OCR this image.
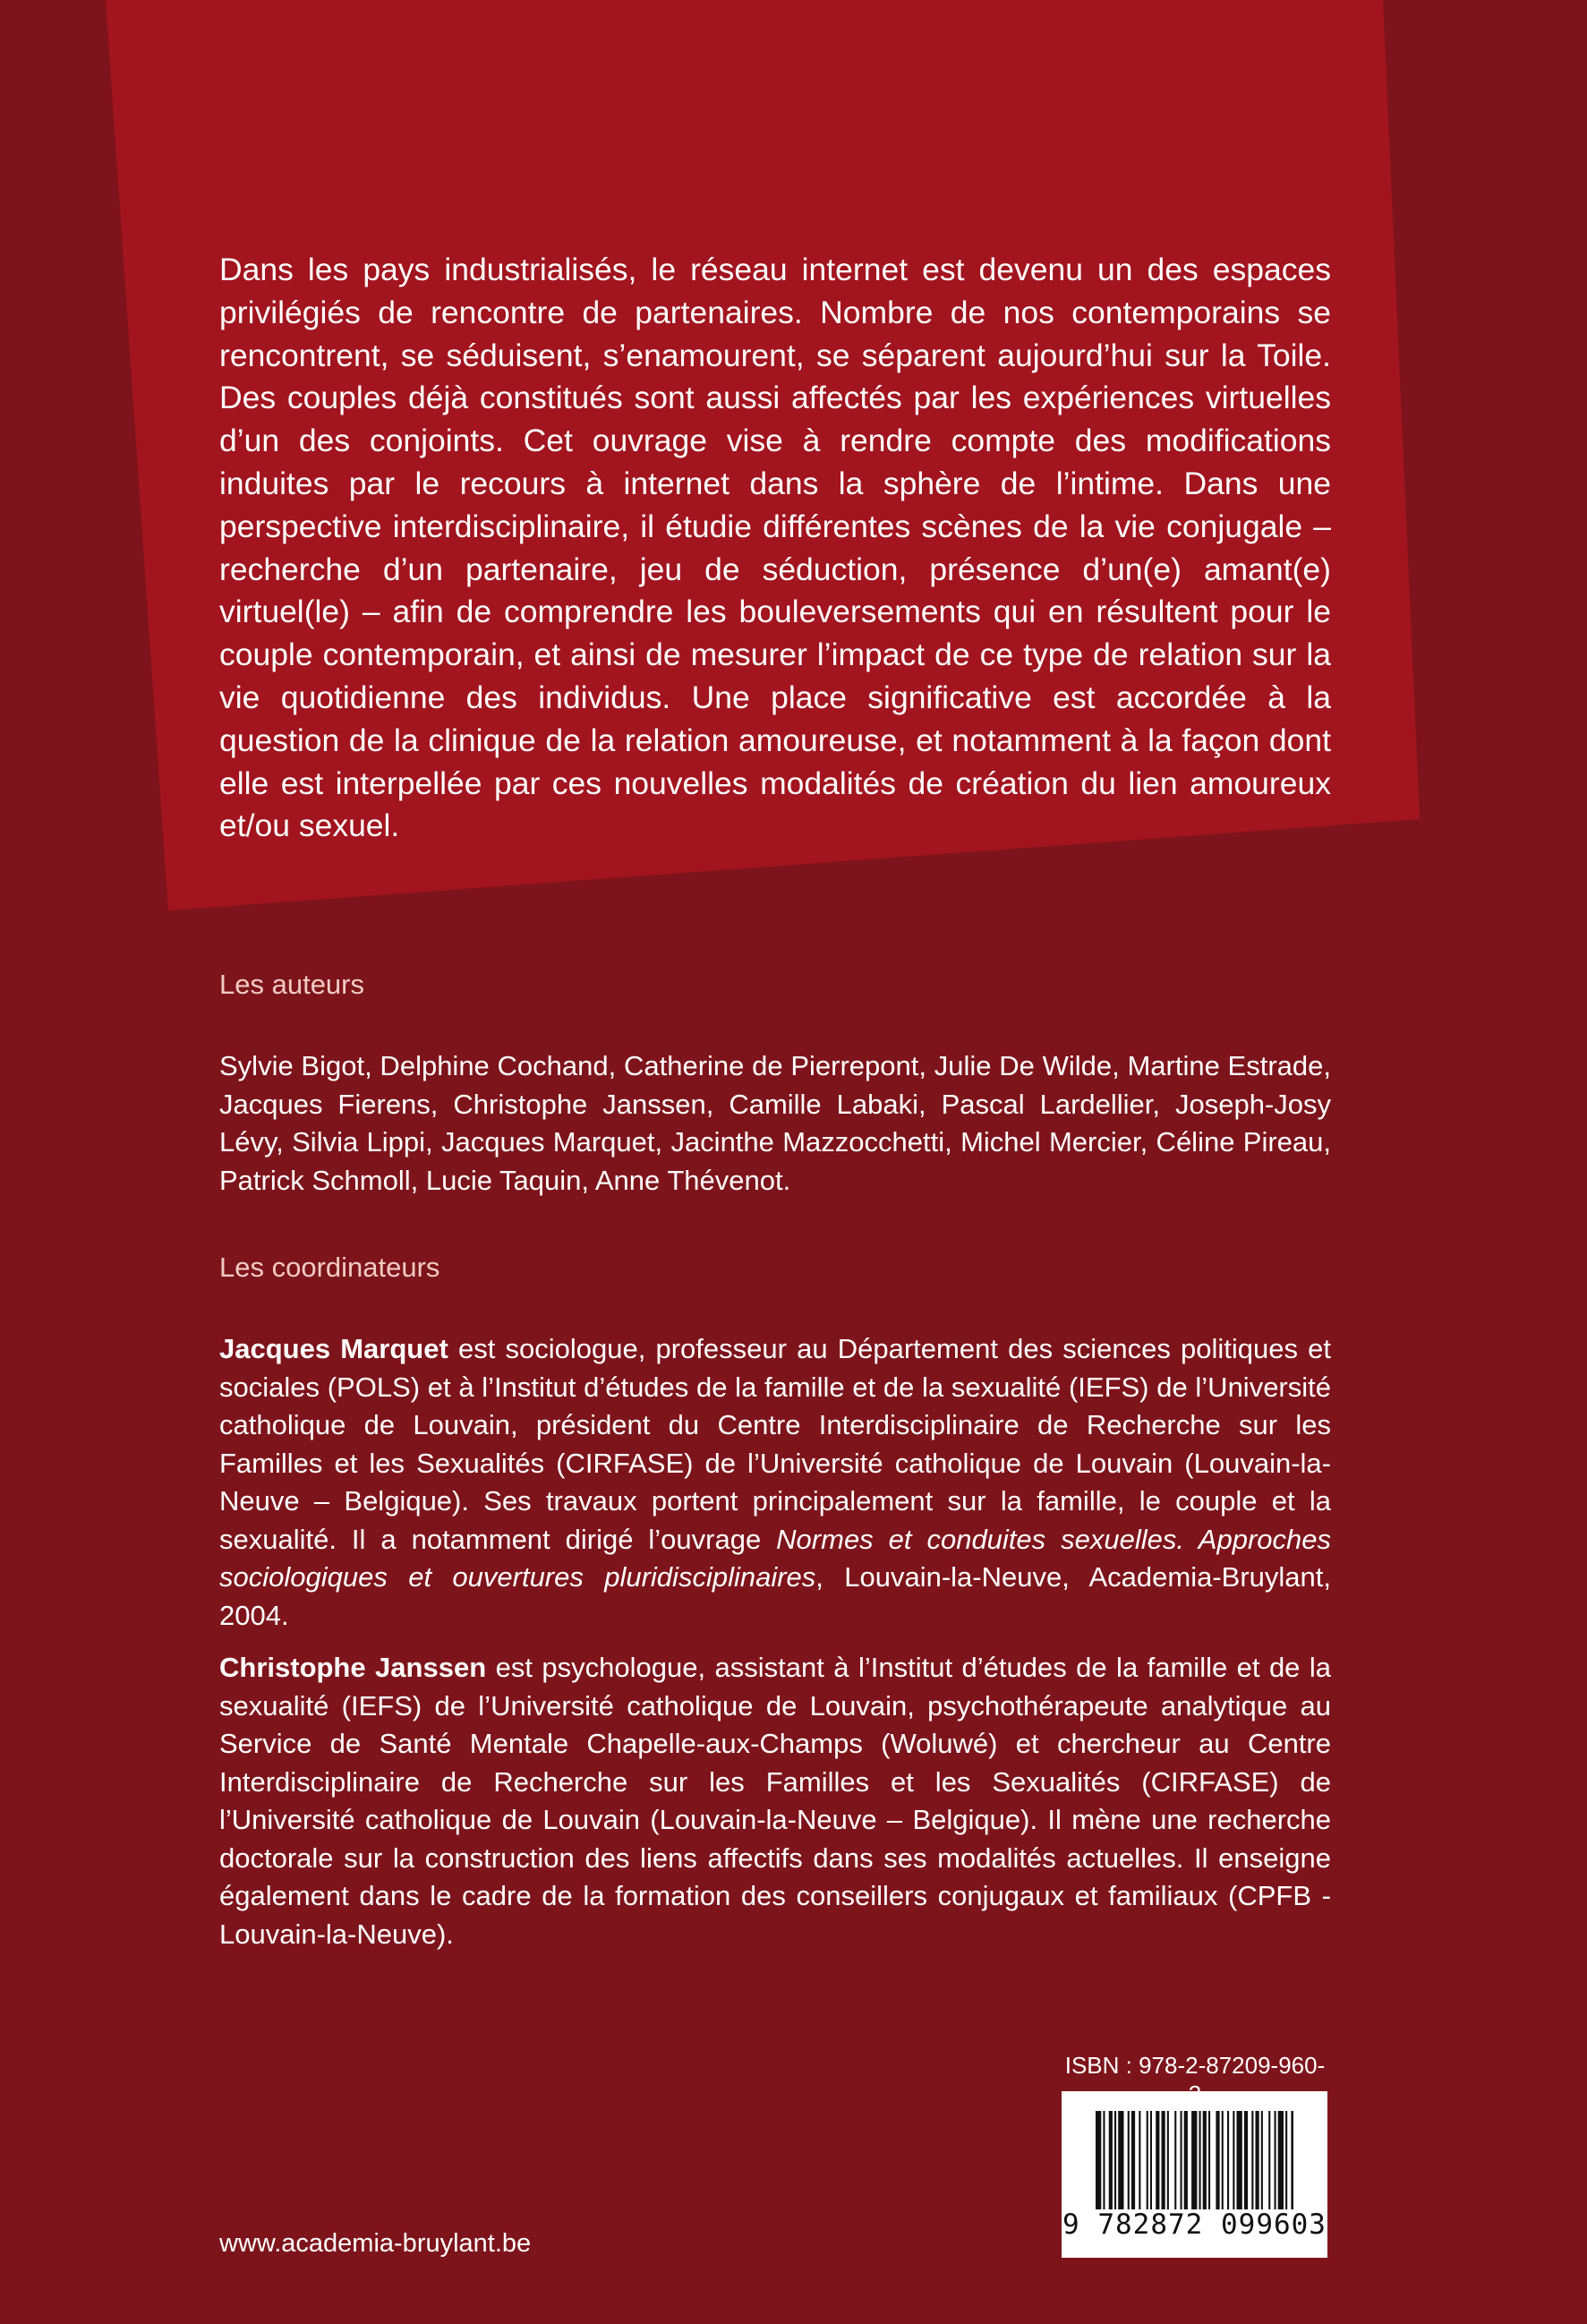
Dans les pays industrialisés, le réseau internet est devenu un des espaces privilégiés de rencontre de partenaires. Nombre de nos contemporains se rencontrent, se séduisent, s’enamourent, se séparent aujourd’hui sur la Toile. Des couples déjà constitués sont aussi affectés par les expériences virtuelles d’un des conjoints. Cet ouvrage vise à rendre compte des modifications induites par le recours à internet dans la sphère de l’intime. Dans une perspective interdisciplinaire, il étudie différentes scènes de la vie conjugale – recherche d’un partenaire, jeu de séduction, présence d’un(e) amant(e) virtuel(le) – afin de comprendre les bouleversements qui en résultent pour le couple contemporain, et ainsi de mesurer l’impact de ce type de relation sur la vie quotidienne des individus. Une place significative est accordée à la question de la clinique de la relation amoureuse, et notamment à la façon dont elle est interpellée par ces nouvelles modalités de création du lien amoureux et/ou sexuel.

Les auteurs
Sylvie Bigot, Delphine Cochand, Catherine de Pierrepont, Julie De Wilde, Martine Estrade, Jacques Fierens, Christophe Janssen, Camille Labaki, Pascal Lardellier, Joseph-Josy Lévy, Silvia Lippi, Jacques Marquet, Jacinthe Mazzocchetti, Michel Mercier, Céline Pireau, Patrick Schmoll, Lucie Taquin, Anne Thévenot.
Les coordinateurs

Jacques Marquet est sociologue, professeur au Département des sciences politiques et sociales (POLS) et à l’Institut d’études de la famille et de la sexualité (IEFS) de l’Université catholique de Louvain, président du Centre Interdisciplinaire de Recherche sur les Familles et les Sexualités (CIRFASE) de l’Université catholique de Louvain (Louvain-la-Neuve – Belgique). Ses travaux portent principalement sur la famille, le couple et la sexualité. Il a notamment dirigé l’ouvrage Normes et conduites sexuelles. Approches sociologiques et ouvertures pluridisciplinaires, Louvain-la-Neuve, Academia-Bruylant, 2004.

Christophe Janssen est psychologue, assistant à l’Institut d’études de la famille et de la sexualité (IEFS) de l’Université catholique de Louvain, psychothérapeute analytique au Service de Santé Mentale Chapelle-aux-Champs (Woluwé) et chercheur au Centre Interdisciplinaire de Recherche sur les Familles et les Sexualités (CIRFASE) de l’Université catholique de Louvain (Louvain-la-Neuve – Belgique). Il mène une recherche doctorale sur la construction des liens affectifs dans ses modalités actuelles. Il enseigne également dans le cadre de la formation des conseillers conjugaux et familiaux (CPFB - Louvain-la-Neuve).

ISBN : 978-2-87209-960-
9 782872 099603
www.academia-bruylant.be
